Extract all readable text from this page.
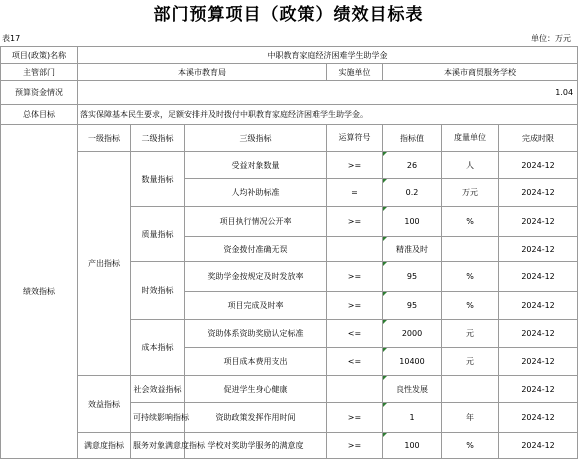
部门预算项目（政策）绩效目标表
表17	单位：万元
项目(政策)名称	中职教育家庭经济困难学生助学金						
主管部门	本溪市教育局			实施单位	本溪市商贸服务学校		
预算资金情况	1.04						
总体目标	落实保障基本民生要求，足额安排并及时拨付中职教育家庭经济困难学生助学金。						
绩效指标	一级指标	二级指标	三级指标	运算符号	指标值	度量单位	完成时限
	产出指标	数量指标	受益对象数量	>=	26	人	2024-12
			人均补助标准	=	0.2	万元	2024-12
		质量指标	项目执行情况公开率	>=	100	%	2024-12
			资金拨付准确无误		精准及时		2024-12
		时效指标	奖助学金按规定及时发放率	>=	95	%	2024-12
			项目完成及时率	>=	95	%	2024-12
		成本指标	资助体系资助奖励认定标准	<=	2000	元	2024-12
			项目成本费用支出	<=	10400	元	2024-12
	效益指标	社会效益指标	促进学生身心健康		良性发展		2024-12
		可持续影响指标	资助政策发挥作用时间	>=	1	年	2024-12
	满意度指标	服务对象满意度指标	学校对奖助学服务的满意度	>=	100	%	2024-12
